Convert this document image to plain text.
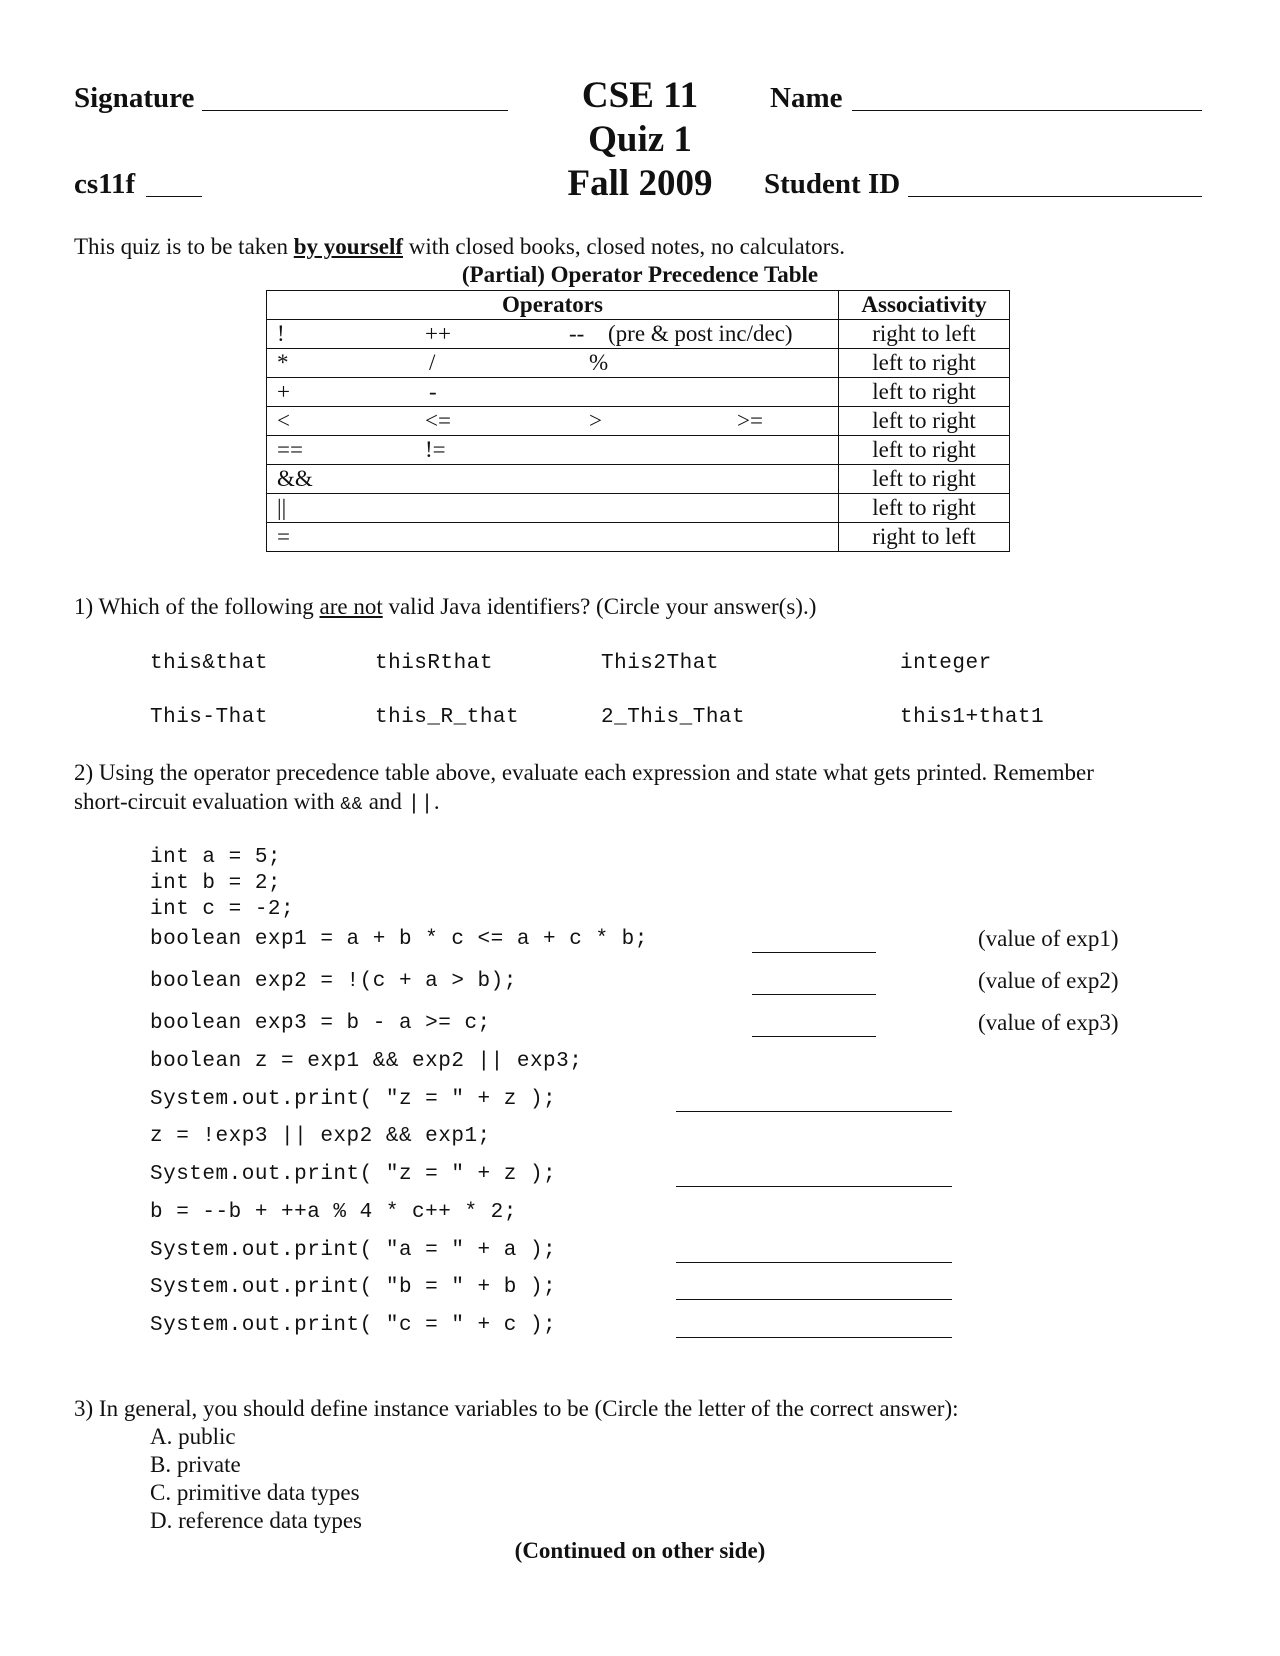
Signature	CSE 11
Quiz 1
Fall 2009
Name
cs11f	Student ID
This quiz is to be taken by yourself with closed books, closed notes, no calculators.
(Partial) Operator Precedence Table
Operators	Associativity

! ++ -- (pre & post inc/dec)	right to left

* / %	left to right

+ -	left to right

< <= > >=	left to right

== !=	left to right

&&	left to right

||	left to right

=	right to left
1) Which of the following are not valid Java identifiers? (Circle your answer(s).)
this&that	thisRthat	This2That	integer
This-That	this_R_that	2_This_That	this1+that1
2) Using the operator precedence table above, evaluate each expression and state what gets printed. Remember
short-circuit evaluation with && and ||.
int a = 5;
int b = 2;
int c = -2;
boolean exp1 = a + b * c <= a + c * b;
boolean exp2 = !(c + a > b);
boolean exp3 = b - a >= c;
boolean z = exp1 && exp2 || exp3;
System.out.print( "z = " + z );
z = !exp3 || exp2 && exp1;
System.out.print( "z = " + z );
b = --b + ++a % 4 * c++ * 2;
System.out.print( "a = " + a );
System.out.print( "b = " + b );
System.out.print( "c = " + c );
(value of exp1)
(value of exp2)
(value of exp3)
3) In general, you should define instance variables to be (Circle the letter of the correct answer):
A. public
B. private
C. primitive data types
D. reference data types
(Continued on other side)
